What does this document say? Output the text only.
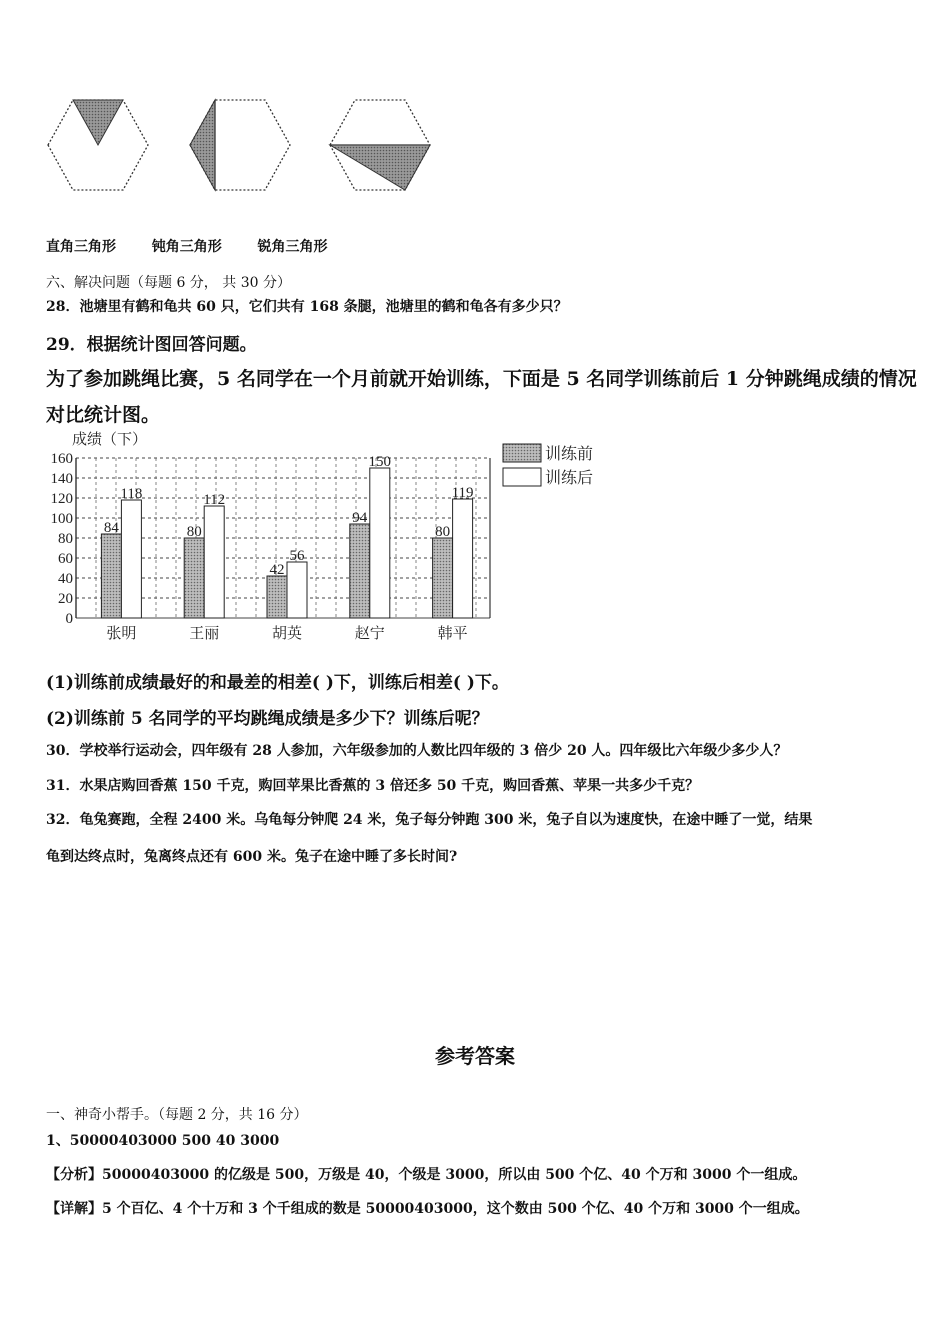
直角三角形	钝角三角形	锐角三角形
六、解决问题（每题 6 分， 共 30 分）
28．池塘里有鹤和龟共 60 只，它们共有 168 条腿，池塘里的鹤和龟各有多少只？
29．根据统计图回答问题。
为了参加跳绳比赛，5 名同学在一个月前就开始训练，下面是 5 名同学训练前后 1 分钟跳绳成绩的情况
对比统计图。
成绩（下）
0
20
40
60
80
100
120
140
160
84
118
80
112
42
56
94
150
80
119
张明	王丽	胡英	赵宁	韩平
训练前
训练后
(1)训练前成绩最好的和最差的相差( )下，训练后相差( )下。
(2)训练前 5 名同学的平均跳绳成绩是多少下？训练后呢？
30．学校举行运动会，四年级有 28 人参加，六年级参加的人数比四年级的 3 倍少 20 人。四年级比六年级少多少人？
31．水果店购回香蕉 150 千克，购回苹果比香蕉的 3 倍还多 50 千克，购回香蕉、苹果一共多少千克？
32．龟兔赛跑，全程 2400 米。乌龟每分钟爬 24 米，兔子每分钟跑 300 米，兔子自以为速度快，在途中睡了一觉，结果
龟到达终点时，兔离终点还有 600 米。兔子在途中睡了多长时间?
参考答案
一、神奇小帮手。（每题 2 分，共 16 分）
1、50000403000 500 40 3000
【分析】50000403000 的亿级是 500，万级是 40，个级是 3000，所以由 500 个亿、40 个万和 3000 个一组成。
【详解】5 个百亿、4 个十万和 3 个千组成的数是 50000403000，这个数由 500 个亿、40 个万和 3000 个一组成。
